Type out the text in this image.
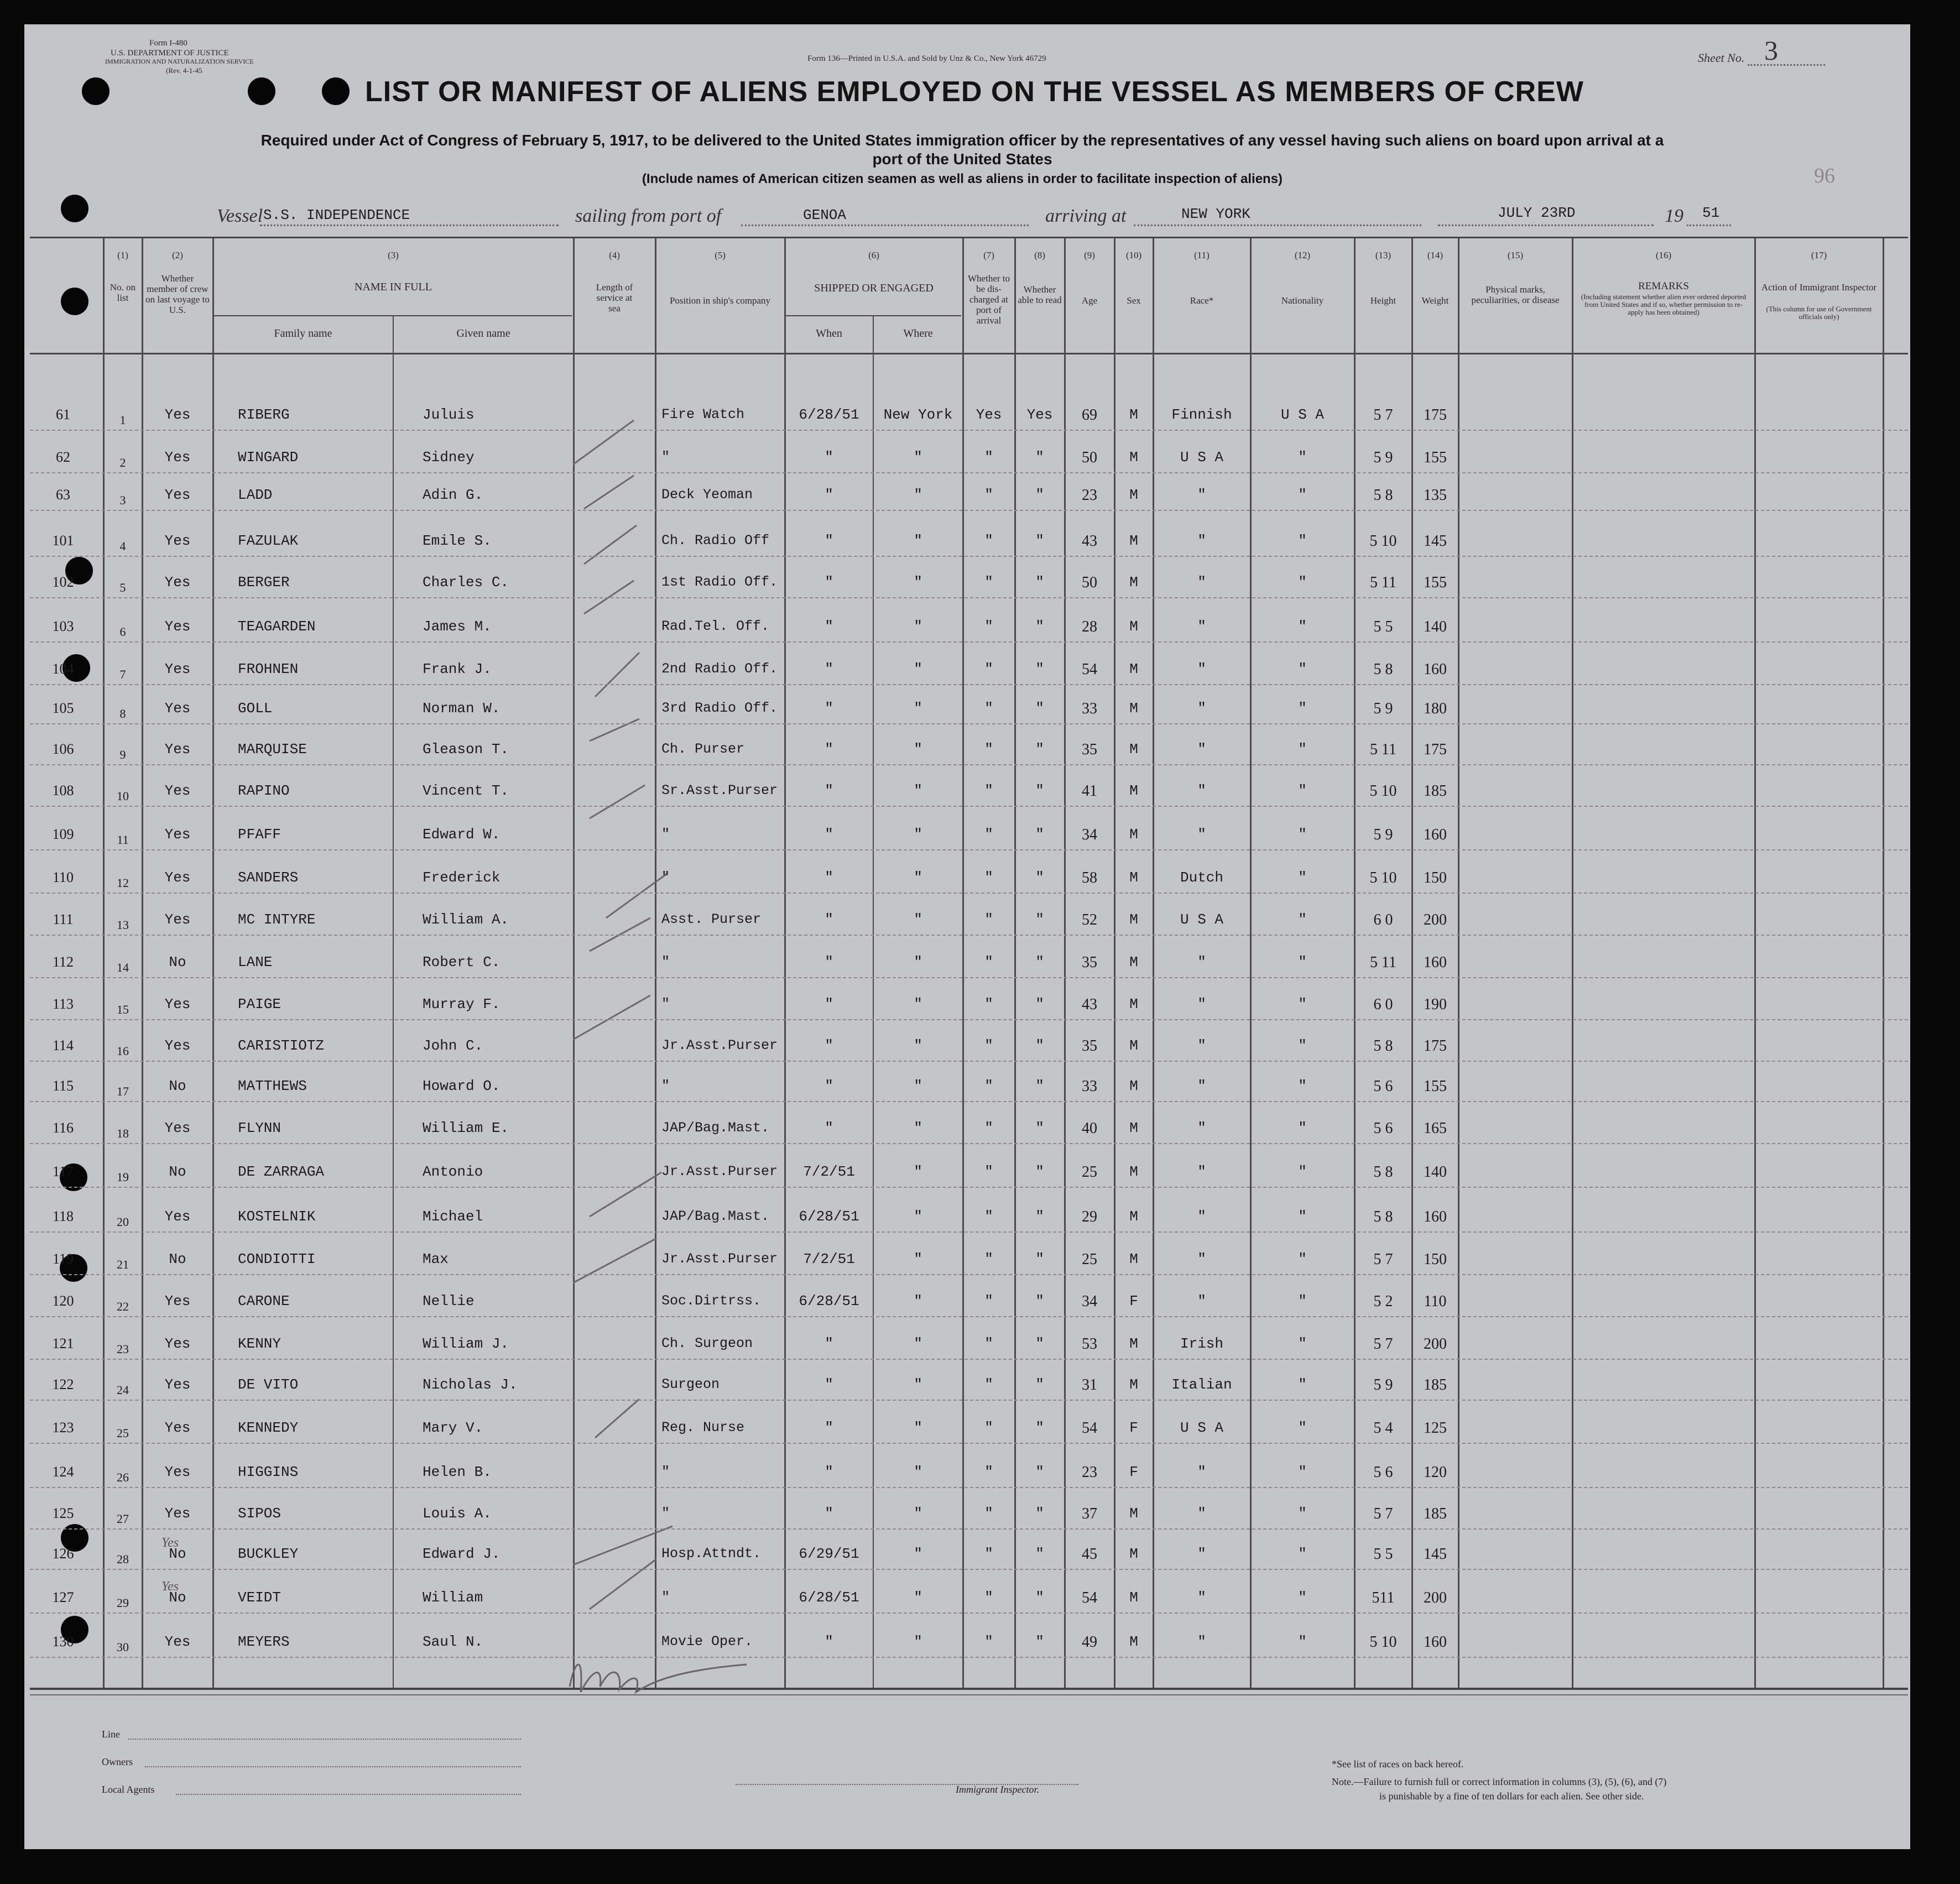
Form I-480
U.S. DEPARTMENT OF JUSTICE
IMMIGRATION AND NATURALIZATION SERVICE
(Rev. 4-1-45
Form 136—Printed in U.S.A. and Sold by Unz & Co., New York 46729	Sheet No. 3
96
LIST OR MANIFEST OF ALIENS EMPLOYED ON THE VESSEL AS MEMBERS OF CREW
Required under Act of Congress of February 5, 1917, to be delivered to the United States immigration officer by the representatives of any vessel having such aliens on board upon arrival at a
port of the United States
(Include names of American citizen seamen as well as aliens in order to facilitate inspection of aliens)
Vessel S.S. INDEPENDENCE	sailing from port of	GENOA	arriving at	NEW YORK	JULY 23RD	19 51
(1)
No. on list
(2)
Whether member of crew on last voyage to U.S.
(3)
NAME IN FULL
Family name	Given name
(4)
Length of service at sea
(5)
Position in ship's company
(6)
SHIPPED OR ENGAGED
When	Where
(7)
Whether to be dis- charged at port of arrival
(8)
Whether able to read
(9)
Age
(10)
Sex
(11)
Race*
(12)
Nationality
(13)
Height
(14)
Weight
(15)
Physical marks, peculiarities, or disease
(16)
REMARKS
(Including statement whether alien ever ordered deported from United States and if so, whether permission to re-apply has been obtained)
(17)
Action of Immigrant Inspector
(This column for use of Government officials only)
61	1	Yes	RIBERG	Juluis	Fire Watch	6/28/51	New York	Yes	Yes	69	M	Finnish	U S A	5 7	175
62	2	Yes	WINGARD	Sidney	"	"	"	"	"	50	M	U S A	"	5 9	155
63	3	Yes	LADD	Adin G.	Deck Yeoman	"	"	"	"	23	M	"	"	5 8	135
101	4	Yes	FAZULAK	Emile S.	Ch. Radio Off	"	"	"	"	43	M	"	"	5 10	145
102	5	Yes	BERGER	Charles C.	1st Radio Off.	"	"	"	"	50	M	"	"	5 11	155
103	6	Yes	TEAGARDEN	James M.	Rad.Tel. Off.	"	"	"	"	28	M	"	"	5 5	140
104	7	Yes	FROHNEN	Frank J.	2nd Radio Off.	"	"	"	"	54	M	"	"	5 8	160
105	8	Yes	GOLL	Norman W.	3rd Radio Off.	"	"	"	"	33	M	"	"	5 9	180
106	9	Yes	MARQUISE	Gleason T.	Ch. Purser	"	"	"	"	35	M	"	"	5 11	175
108	10	Yes	RAPINO	Vincent T.	Sr.Asst.Purser	"	"	"	"	41	M	"	"	5 10	185
109	11	Yes	PFAFF	Edward W.	"	"	"	"	"	34	M	"	"	5 9	160
110	12	Yes	SANDERS	Frederick	"	"	"	"	"	58	M	Dutch	"	5 10	150
111	13	Yes	MC INTYRE	William A.	Asst. Purser	"	"	"	"	52	M	U S A	"	6 0	200
112	14	No	LANE	Robert C.	"	"	"	"	"	35	M	"	"	5 11	160
113	15	Yes	PAIGE	Murray F.	"	"	"	"	"	43	M	"	"	6 0	190
114	16	Yes	CARISTIOTZ	John C.	Jr.Asst.Purser	"	"	"	"	35	M	"	"	5 8	175
115	17	No	MATTHEWS	Howard O.	"	"	"	"	"	33	M	"	"	5 6	155
116	18	Yes	FLYNN	William E.	JAP/Bag.Mast.	"	"	"	"	40	M	"	"	5 6	165
117	19	No	DE ZARRAGA	Antonio	Jr.Asst.Purser	7/2/51	"	"	"	25	M	"	"	5 8	140
118	20	Yes	KOSTELNIK	Michael	JAP/Bag.Mast.	6/28/51	"	"	"	29	M	"	"	5 8	160
119	21	No	CONDIOTTI	Max	Jr.Asst.Purser	7/2/51	"	"	"	25	M	"	"	5 7	150
120	22	Yes	CARONE	Nellie	Soc.Dirtrss.	6/28/51	"	"	"	34	F	"	"	5 2	110
121	23	Yes	KENNY	William J.	Ch. Surgeon	"	"	"	"	53	M	Irish	"	5 7	200
122	24	Yes	DE VITO	Nicholas J.	Surgeon	"	"	"	"	31	M	Italian	"	5 9	185
123	25	Yes	KENNEDY	Mary V.	Reg. Nurse	"	"	"	"	54	F	U S A	"	5 4	125
124	26	Yes	HIGGINS	Helen B.	"	"	"	"	"	23	F	"	"	5 6	120
125	27	Yes	SIPOS	Louis A.	"	"	"	"	"	37	M	"	"	5 7	185
126	28	No	BUCKLEY	Edward J.	Hosp.Attndt.	6/29/51	"	"	"	45	M	"	"	5 5	145
Yes
127	29	No	VEIDT	William	"	6/28/51	"	"	"	54	M	"	"	511	200
Yes
130	30	Yes	MEYERS	Saul N.	Movie Oper.	"	"	"	"	49	M	"	"	5 10	160
Line
Owners
Local Agents	Immigrant Inspector.
*See list of races on back hereof.
Note.—Failure to furnish full or correct information in columns (3), (5), (6), and (7)
is punishable by a fine of ten dollars for each alien. See other side.
